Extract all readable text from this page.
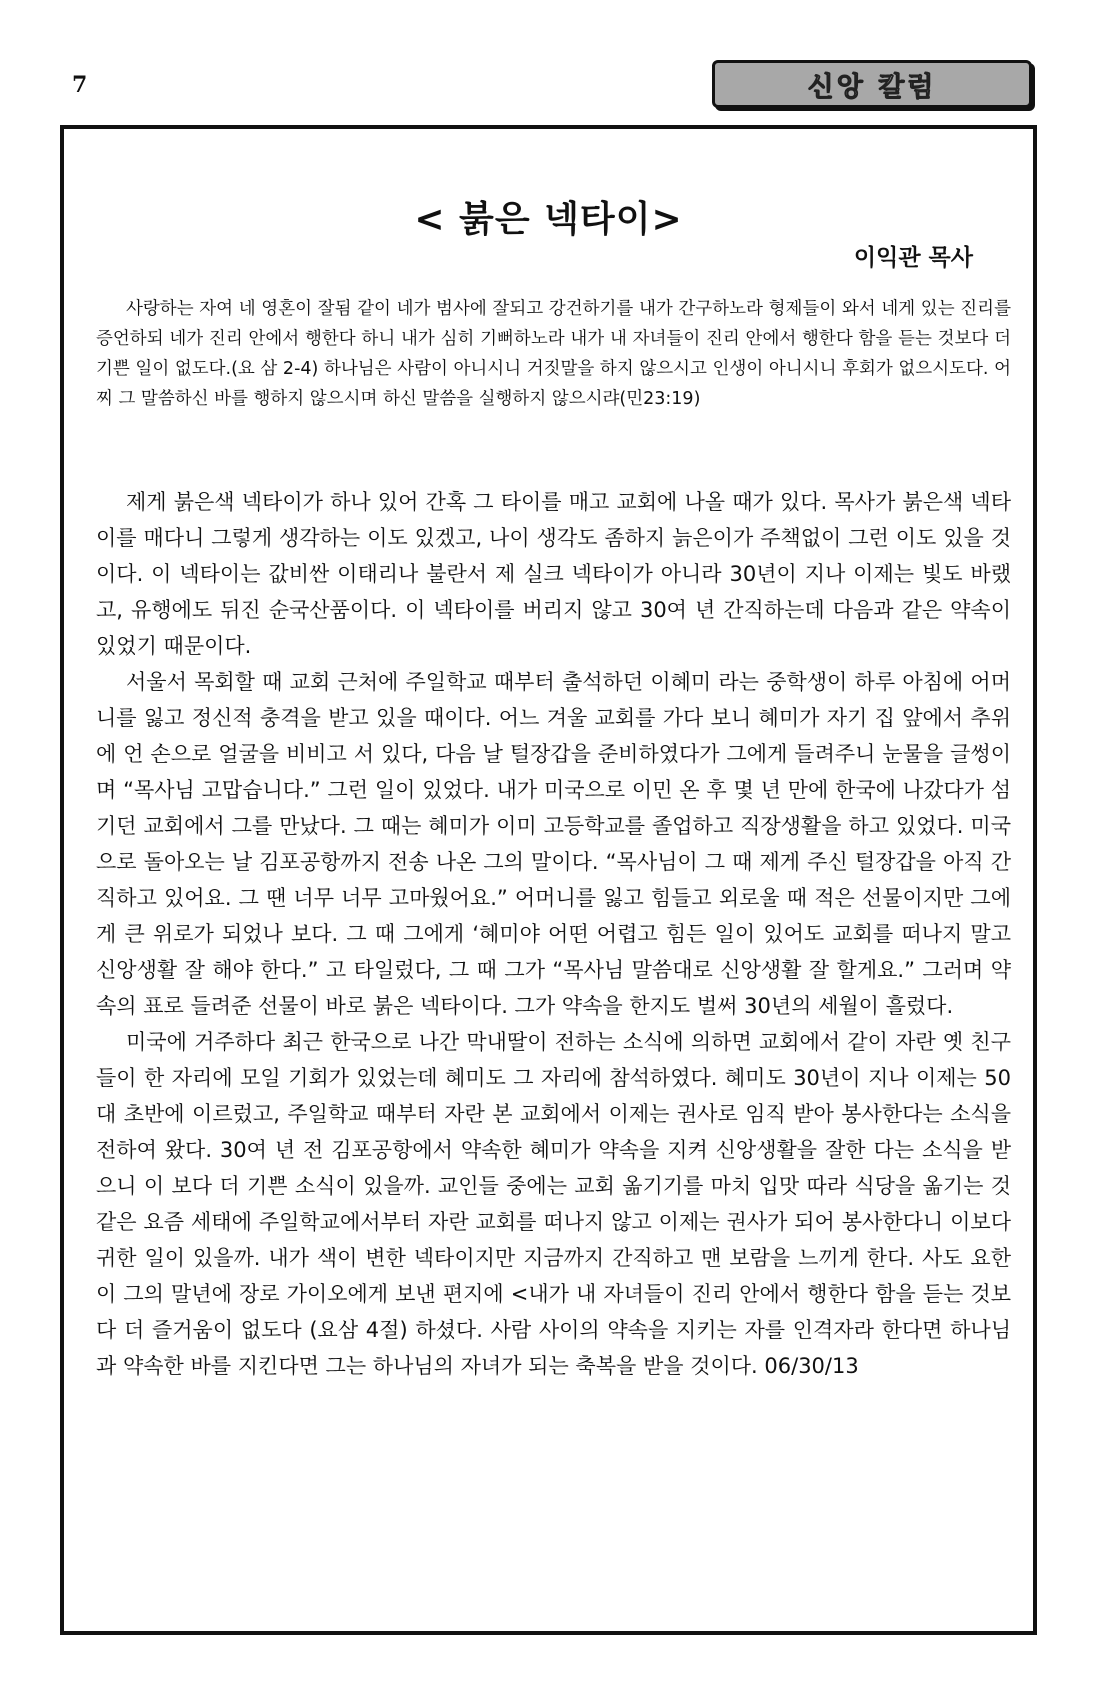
7	신앙 칼럼
< 붉은 넥타이>
이익관 목사

사랑하는 자여 네 영혼이 잘됨 같이 네가 범사에 잘되고 강건하기를 내가 간구하노라 형제들이 와서 네게 있는 진리를 증언하되 네가 진리 안에서 행한다 하니 내가 심히 기뻐하노라 내가 내 자녀들이 진리 안에서 행한다 함을 듣는 것보다 더 기쁜 일이 없도다.(요 삼 2-4) 하나님은 사람이 아니시니 거짓말을 하지 않으시고 인생이 아니시니 후회가 없으시도다. 어찌 그 말씀하신 바를 행하지 않으시며 하신 말씀을 실행하지 않으시랴(민23:19)

제게 붉은색 넥타이가 하나 있어 간혹 그 타이를 매고 교회에 나올 때가 있다. 목사가 붉은색 넥타이를 매다니 그렇게 생각하는 이도 있겠고, 나이 생각도 좀하지 늙은이가 주책없이 그런 이도 있을 것이다. 이 넥타이는 값비싼 이태리나 불란서 제 실크 넥타이가 아니라 30년이 지나 이제는 빛도 바랬고, 유행에도 뒤진 순국산품이다. 이 넥타이를 버리지 않고 30여 년 간직하는데 다음과 같은 약속이 있었기 때문이다.

서울서 목회할 때 교회 근처에 주일학교 때부터 출석하던 이혜미 라는 중학생이 하루 아침에 어머니를 잃고 정신적 충격을 받고 있을 때이다. 어느 겨울 교회를 가다 보니 혜미가 자기 집 앞에서 추위에 언 손으로 얼굴을 비비고 서 있다, 다음 날 털장갑을 준비하였다가 그에게 들려주니 눈물을 글썽이며 “목사님 고맙습니다.” 그런 일이 있었다. 내가 미국으로 이민 온 후 몇 년 만에 한국에 나갔다가 섬기던 교회에서 그를 만났다. 그 때는 혜미가 이미 고등학교를 졸업하고 직장생활을 하고 있었다. 미국으로 돌아오는 날 김포공항까지 전송 나온 그의 말이다. “목사님이 그 때 제게 주신 털장갑을 아직 간직하고 있어요. 그 땐 너무 너무 고마웠어요.” 어머니를 잃고 힘들고 외로울 때 적은 선물이지만 그에게 큰 위로가 되었나 보다. 그 때 그에게 ‘혜미야 어떤 어렵고 힘든 일이 있어도 교회를 떠나지 말고 신앙생활 잘 해야 한다.” 고 타일렀다, 그 때 그가 “목사님 말씀대로 신앙생활 잘 할게요.” 그러며 약속의 표로 들려준 선물이 바로 붉은 넥타이다. 그가 약속을 한지도 벌써 30년의 세월이 흘렀다.

미국에 거주하다 최근 한국으로 나간 막내딸이 전하는 소식에 의하면 교회에서 같이 자란 옛 친구들이 한 자리에 모일 기회가 있었는데 혜미도 그 자리에 참석하였다. 혜미도 30년이 지나 이제는 50대 초반에 이르렀고, 주일학교 때부터 자란 본 교회에서 이제는 권사로 임직 받아 봉사한다는 소식을 전하여 왔다. 30여 년 전 김포공항에서 약속한 혜미가 약속을 지켜 신앙생활을 잘한 다는 소식을 받으니 이 보다 더 기쁜 소식이 있을까. 교인들 중에는 교회 옮기기를 마치 입맛 따라 식당을 옮기는 것 같은 요즘 세태에 주일학교에서부터 자란 교회를 떠나지 않고 이제는 권사가 되어 봉사한다니 이보다 귀한 일이 있을까. 내가 색이 변한 넥타이지만 지금까지 간직하고 맨 보람을 느끼게 한다. 사도 요한이 그의 말년에 장로 가이오에게 보낸 편지에 <내가 내 자녀들이 진리 안에서 행한다 함을 듣는 것보다 더 즐거움이 없도다 (요삼 4절) 하셨다. 사람 사이의 약속을 지키는 자를 인격자라 한다면 하나님과 약속한 바를 지킨다면 그는 하나님의 자녀가 되는 축복을 받을 것이다. 06/30/13
